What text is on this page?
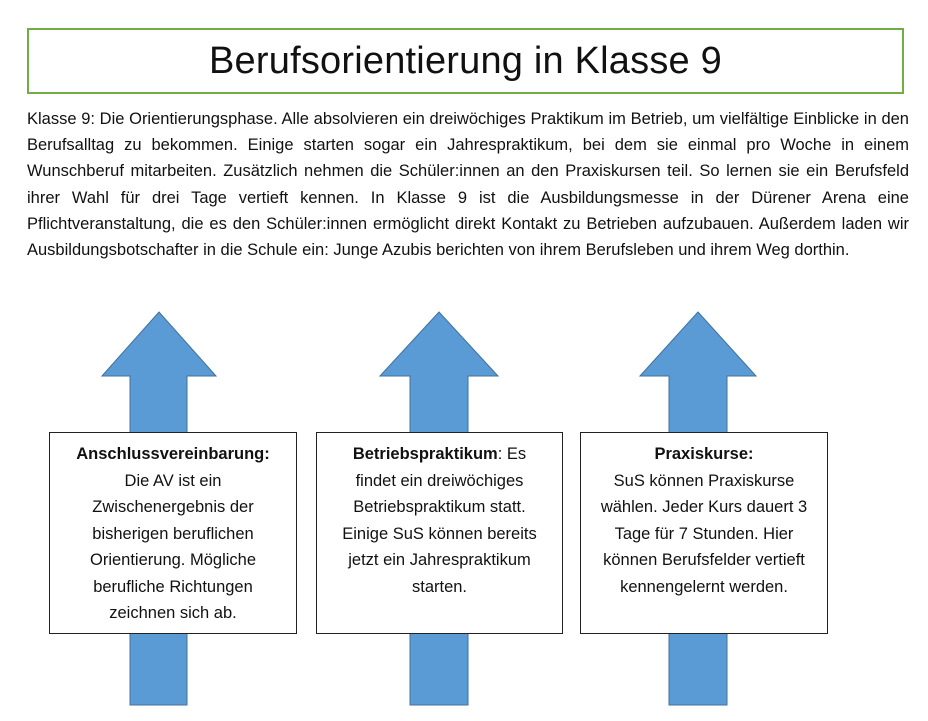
Berufsorientierung in Klasse 9

Klasse 9: Die Orientierungsphase. Alle absolvieren ein dreiwöchiges Praktikum im Betrieb, um vielfältige Einblicke in den Berufsalltag zu bekommen. Einige starten sogar ein Jahrespraktikum, bei dem sie einmal pro Woche in einem Wunschberuf mitarbeiten. Zusätzlich nehmen die Schüler:innen an den Praxiskursen teil. So lernen sie ein Berufsfeld ihrer Wahl für drei Tage vertieft kennen. In Klasse 9 ist die Ausbildungsmesse in der Dürener Arena eine Pflichtveranstaltung, die es den Schüler:innen ermöglicht direkt Kontakt zu Betrieben aufzubauen. Außerdem laden wir Ausbildungsbotschafter in die Schule ein: Junge Azubis berichten von ihrem Berufsleben und ihrem Weg dorthin.

Anschlussvereinbarung:
Die AV ist ein Zwischenergebnis der bisherigen beruflichen Orientierung. Mögliche berufliche Richtungen zeichnen sich ab.
Betriebspraktikum: Es findet ein dreiwöchiges Betriebspraktikum statt. Einige SuS können bereits jetzt ein Jahrespraktikum starten.
Praxiskurse:
SuS können Praxiskurse wählen. Jeder Kurs dauert 3 Tage für 7 Stunden. Hier können Berufsfelder vertieft kennengelernt werden.
